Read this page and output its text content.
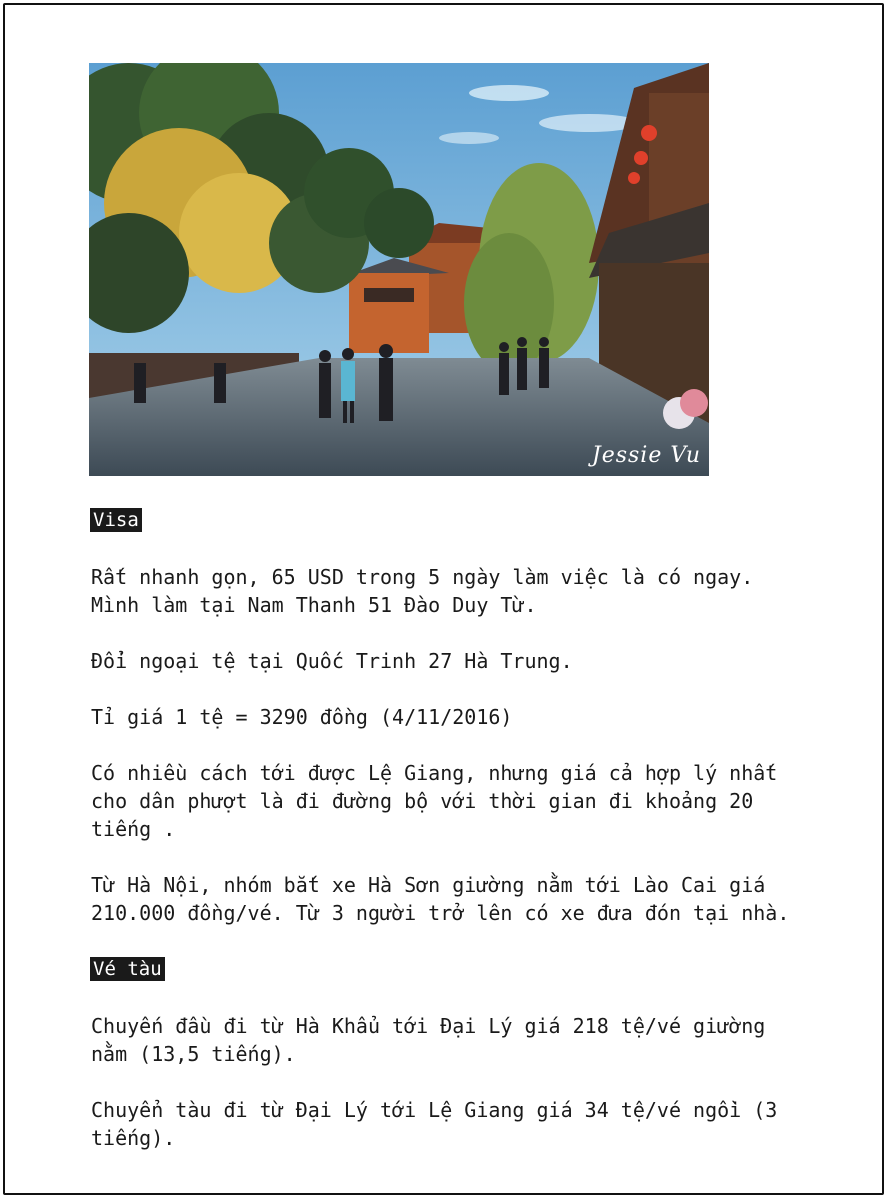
Jessie Vu
Visa

Rất nhanh gọn, 65 USD trong 5 ngày làm việc là có ngay. Mình làm tại Nam Thanh 51 Đào Duy Từ.

Đổi ngoại tệ tại Quốc Trinh 27 Hà Trung.

Tỉ giá 1 tệ = 3290 đồng (4/11/2016)

Có nhiều cách tới được Lệ Giang, nhưng giá cả hợp lý nhất cho dân phượt là đi đường bộ với thời gian đi khoảng 20 tiếng .

Từ Hà Nội, nhóm bắt xe Hà Sơn giường nằm tới Lào Cai giá 210.000 đồng/vé. Từ 3 người trở lên có xe đưa đón tại nhà.

Vé tàu

Chuyến đầu đi từ Hà Khẩu tới Đại Lý giá 218 tệ/vé giường nằm (13,5 tiếng).

Chuyển tàu đi từ Đại Lý tới Lệ Giang giá 34 tệ/vé ngồi (3 tiếng).
